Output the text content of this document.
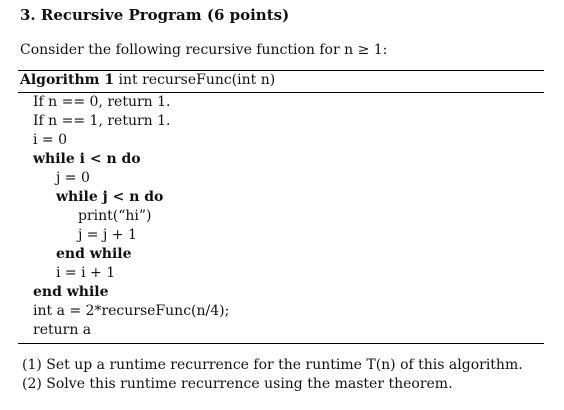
3. Recursive Program (6 points)
Consider the following recursive function for n ≥ 1:
Algorithm 1 int recurseFunc(int n)
If n == 0, return 1.
If n == 1, return 1.
i = 0
while i < n do
j = 0
while j < n do
print(“hi”)
j = j + 1
end while
i = i + 1
end while
int a = 2*recurseFunc(n/4);
return a
(1) Set up a runtime recurrence for the runtime T(n) of this algorithm.
(2) Solve this runtime recurrence using the master theorem.
